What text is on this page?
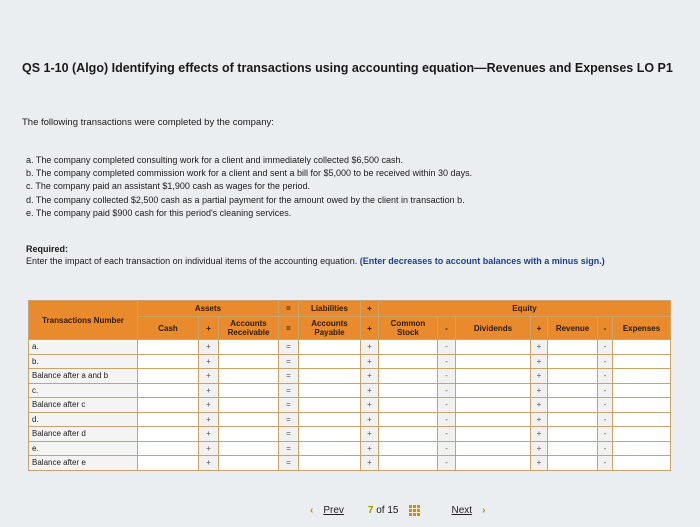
QS 1-10 (Algo) Identifying effects of transactions using accounting equation—Revenues and Expenses LO P1
The following transactions were completed by the company:
a. The company completed consulting work for a client and immediately collected $6,500 cash.
b. The company completed commission work for a client and sent a bill for $5,000 to be received within 30 days.
c. The company paid an assistant $1,900 cash as wages for the period.
d. The company collected $2,500 cash as a partial payment for the amount owed by the client in transaction b.
e. The company paid $900 cash for this period's cleaning services.
Required:
Enter the impact of each transaction on individual items of the accounting equation. (Enter decreases to account balances with a minus sign.)
Transactions Number	Assets			=	Liabilities	+	Equity						
	Cash	+	Accounts Receivable	=	Accounts Payable	+	Common Stock	-	Dividends	+	Revenue	-	Expenses
a.		+		=		+		-		+		-	
b.		+		=		+		-		+		-	
Balance after a and b		+		=		+		-		+		-	
c.		+		=		+		-		+		-	
Balance after c		+		=		+		-		+		-	
d.		+		=		+		-		+		-	
Balance after d		+		=		+		-		+		-	
e.		+		=		+		-		+		-	
Balance after e		+		=		+		-		+		-	
‹ Prev 7 of 15	Next ›
